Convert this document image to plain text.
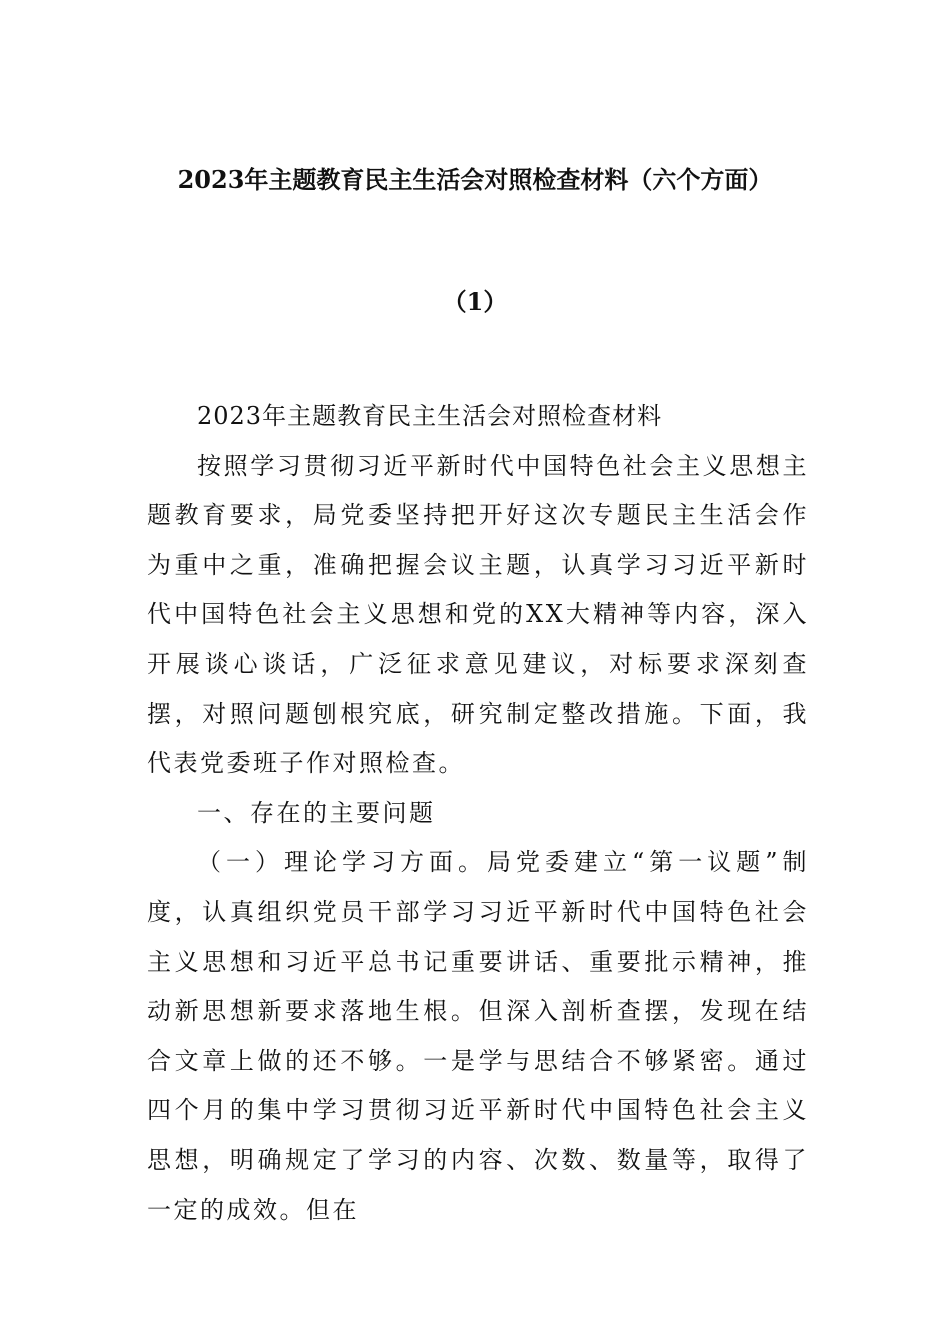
2023年主题教育民主生活会对照检查材料（六个方面）
（1）

2023年主题教育民主生活会对照检查材料

按照学习贯彻习近平新时代中国特色社会主义思想主题教育要求，局党委坚持把开好这次专题民主生活会作为重中之重，准确把握会议主题，认真学习习近平新时代中国特色社会主义思想和党的XX大精神等内容，深入开展谈心谈话，广泛征求意见建议，对标要求深刻查摆，对照问题刨根究底，研究制定整改措施。下面，我代表党委班子作对照检查。

一、存在的主要问题

（一）理论学习方面。局党委建立“第一议题”制度，认真组织党员干部学习习近平新时代中国特色社会主义思想和习近平总书记重要讲话、重要批示精神，推动新思想新要求落地生根。但深入剖析查摆，发现在结合文章上做的还不够。一是学与思结合不够紧密。通过四个月的集中学习贯彻习近平新时代中国特色社会主义思想，明确规定了学习的内容、次数、数量等，取得了一定的成效。但在
